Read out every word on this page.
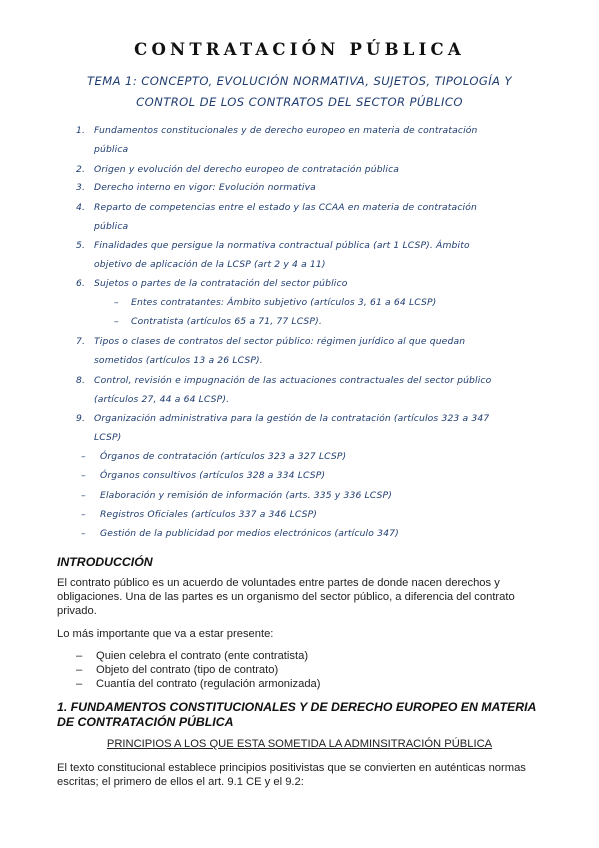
CONTRATACIÓN PÚBLICA

TEMA 1: CONCEPTO, EVOLUCIÓN NORMATIVA, SUJETOS, TIPOLOGÍA Y

CONTROL DE LOS CONTRATOS DEL SECTOR PÚBLICO

1. Fundamentos constitucionales y de derecho europeo en materia de contratación
pública
2. Origen y evolución del derecho europeo de contratación pública
3. Derecho interno en vigor: Evolución normativa
4. Reparto de competencias entre el estado y las CCAA en materia de contratación
pública
5. Finalidades que persigue la normativa contractual pública (art 1 LCSP). Ámbito
objetivo de aplicación de la LCSP (art 2 y 4 a 11)
6. Sujetos o partes de la contratación del sector público
– Entes contratantes: Ámbito subjetivo (artículos 3, 61 a 64 LCSP)
– Contratista (artículos 65 a 71, 77 LCSP).
7. Tipos o clases de contratos del sector público: régimen jurídico al que quedan
sometidos (artículos 13 a 26 LCSP).
8. Control, revisión e impugnación de las actuaciones contractuales del sector público
(artículos 27, 44 a 64 LCSP).
9. Organización administrativa para la gestión de la contratación (artículos 323 a 347
LCSP)
– Órganos de contratación (artículos 323 a 327 LCSP)
– Órganos consultivos (artículos 328 a 334 LCSP)
– Elaboración y remisión de información (arts. 335 y 336 LCSP)
– Registros Oficiales (artículos 337 a 346 LCSP)
– Gestión de la publicidad por medios electrónicos (artículo 347)
INTRODUCCIÓN

El contrato público es un acuerdo de voluntades entre partes de donde nacen derechos y

obligaciones. Una de las partes es un organismo del sector público, a diferencia del contrato

privado.

Lo más importante que va a estar presente:

– Quien celebra el contrato (ente contratista)
– Objeto del contrato (tipo de contrato)
– Cuantía del contrato (regulación armonizada)
1. FUNDAMENTOS CONSTITUCIONALES Y DE DERECHO EUROPEO EN MATERIA
DE CONTRATACIÓN PÚBLICA

PRINCIPIOS A LOS QUE ESTA SOMETIDA LA ADMINSITRACIÓN PÚBLICA

El texto constitucional establece principios positivistas que se convierten en auténticas normas

escritas; el primero de ellos el art. 9.1 CE y el 9.2:
